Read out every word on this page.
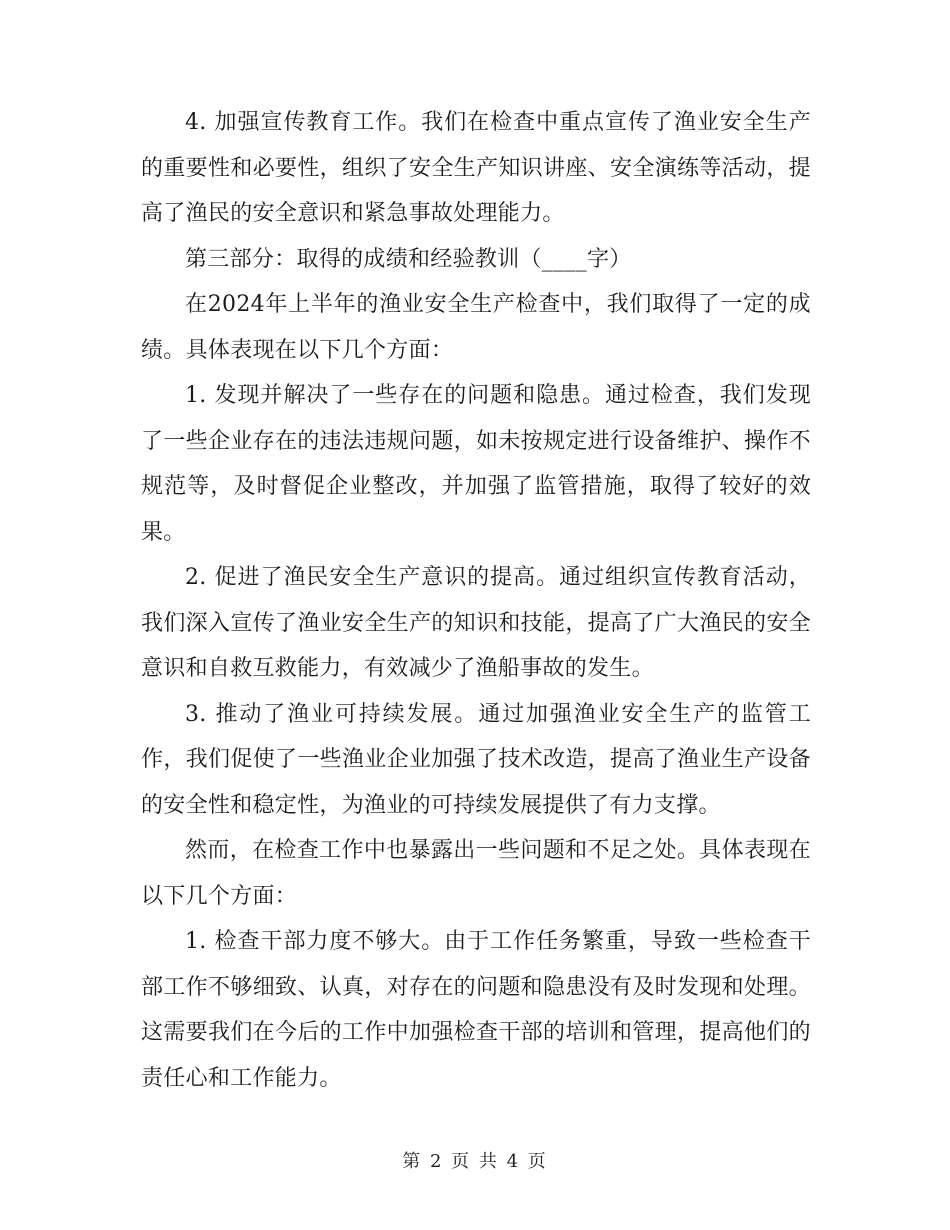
4. 加强宣传教育工作。我们在检查中重点宣传了渔业安全生产的重要性和必要性，组织了安全生产知识讲座、安全演练等活动，提高了渔民的安全意识和紧急事故处理能力。

第三部分：取得的成绩和经验教训（____字）

在2024年上半年的渔业安全生产检查中，我们取得了一定的成绩。具体表现在以下几个方面：

1. 发现并解决了一些存在的问题和隐患。通过检查，我们发现了一些企业存在的违法违规问题，如未按规定进行设备维护、操作不规范等，及时督促企业整改，并加强了监管措施，取得了较好的效果。

2. 促进了渔民安全生产意识的提高。通过组织宣传教育活动，我们深入宣传了渔业安全生产的知识和技能，提高了广大渔民的安全意识和自救互救能力，有效减少了渔船事故的发生。

3. 推动了渔业可持续发展。通过加强渔业安全生产的监管工作，我们促使了一些渔业企业加强了技术改造，提高了渔业生产设备的安全性和稳定性，为渔业的可持续发展提供了有力支撑。

然而，在检查工作中也暴露出一些问题和不足之处。具体表现在以下几个方面：

1. 检查干部力度不够大。由于工作任务繁重，导致一些检查干部工作不够细致、认真，对存在的问题和隐患没有及时发现和处理。这需要我们在今后的工作中加强检查干部的培训和管理，提高他们的责任心和工作能力。

第 2 页 共 4 页
